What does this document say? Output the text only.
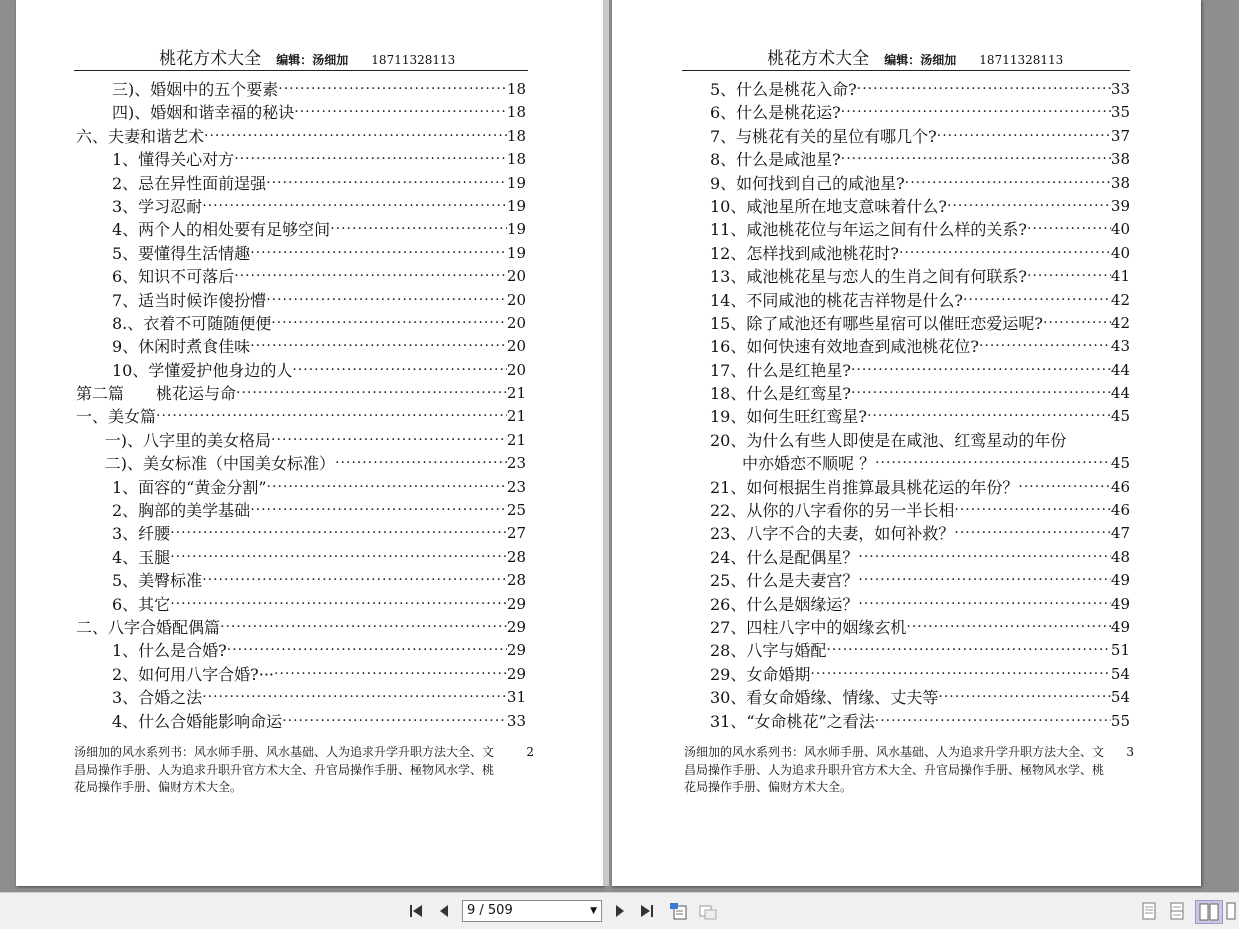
桃花方术大全 编辑：汤细加 18711328113
三)、婚姻中的五个要素 ·····	18
四)、婚姻和谐幸福的秘诀 ·····	18
六、夫妻和谐艺术 ·····	18
1、懂得关心对方 ·····	18
2、忌在异性面前逞强 ·····	19
3、学习忍耐 ·····	19
4、两个人的相处要有足够空间 ·····	19
5、要懂得生活情趣 ·····	19
6、知识不可落后 ·····	20
7、适当时候诈傻扮懵 ·····	20
8.、衣着不可随随便便 ·····	20
9、休闲时煮食佳味 ·····	20
10、学懂爱护他身边的人 ·····	20
第二篇　　桃花运与命 ·····	21
一、美女篇 ·····	21
一)、八字里的美女格局 ·····	21
二)、美女标准（中国美女标准） ·····	23
1、面容的“黄金分割” ·····	23
2、胸部的美学基础 ·····	25
3、纤腰 ·····	27
4、玉腿 ·····	28
5、美臀标准 ·····	28
6、其它 ·····	29
二、八字合婚配偶篇 ·····	29
1、什么是合婚? ·····	29
2、如何用八字合婚?··· ·····	29
3、合婚之法 ·····	31
4、什么合婚能影响命运 ·····	33
汤细加的风水系列书：风水师手册、风水基础、人为追求升学升职方法大全、文昌局操作手册、人为追求升职升官方术大全、升官局操作手册、極物风水学、桃花局操作手册、偏财方术大全。
2
桃花方术大全 编辑：汤细加 18711328113
5、什么是桃花入命? ·····	33
6、什么是桃花运? ·····	35
7、与桃花有关的星位有哪几个? ·····	37
8、什么是咸池星? ·····	38
9、如何找到自己的咸池星? ·····	38
10、咸池星所在地支意味着什么? ·····	39
11、咸池桃花位与年运之间有什么样的关系? ·····	40
12、怎样找到咸池桃花时? ·····	40
13、咸池桃花星与恋人的生肖之间有何联系? ·····	41
14、不同咸池的桃花吉祥物是什么? ·····	42
15、除了咸池还有哪些星宿可以催旺恋爱运呢? ·····	42
16、如何快速有效地查到咸池桃花位? ·····	43
17、什么是红艳星? ·····	44
18、什么是红鸾星? ·····	44
19、如何生旺红鸾星? ·····	45
20、为什么有些人即使是在咸池、红鸾星动的年份
　　中亦婚恋不顺呢 ？ ·····	45
21、如何根据生肖推算最具桃花运的年份？ ·····	46
22、从你的八字看你的另一半长相 ·····	46
23、八字不合的夫妻，如何补救？ ·····	47
24、什么是配偶星？ ·····	48
25、什么是夫妻宫？ ·····	49
26、什么是姻缘运？ ·····	49
27、四柱八字中的姻缘玄机 ·····	49
28、八字与婚配 ·····	51
29、女命婚期 ·····	54
30、看女命婚缘、情缘、丈夫等 ·····	54
31、“女命桃花”之看法 ·····	55
汤细加的风水系列书：风水师手册、风水基础、人为追求升学升职方法大全、文昌局操作手册、人为追求升职升官方术大全、升官局操作手册、極物风水学、桃花局操作手册、偏财方术大全。
3
9 / 509	▼
